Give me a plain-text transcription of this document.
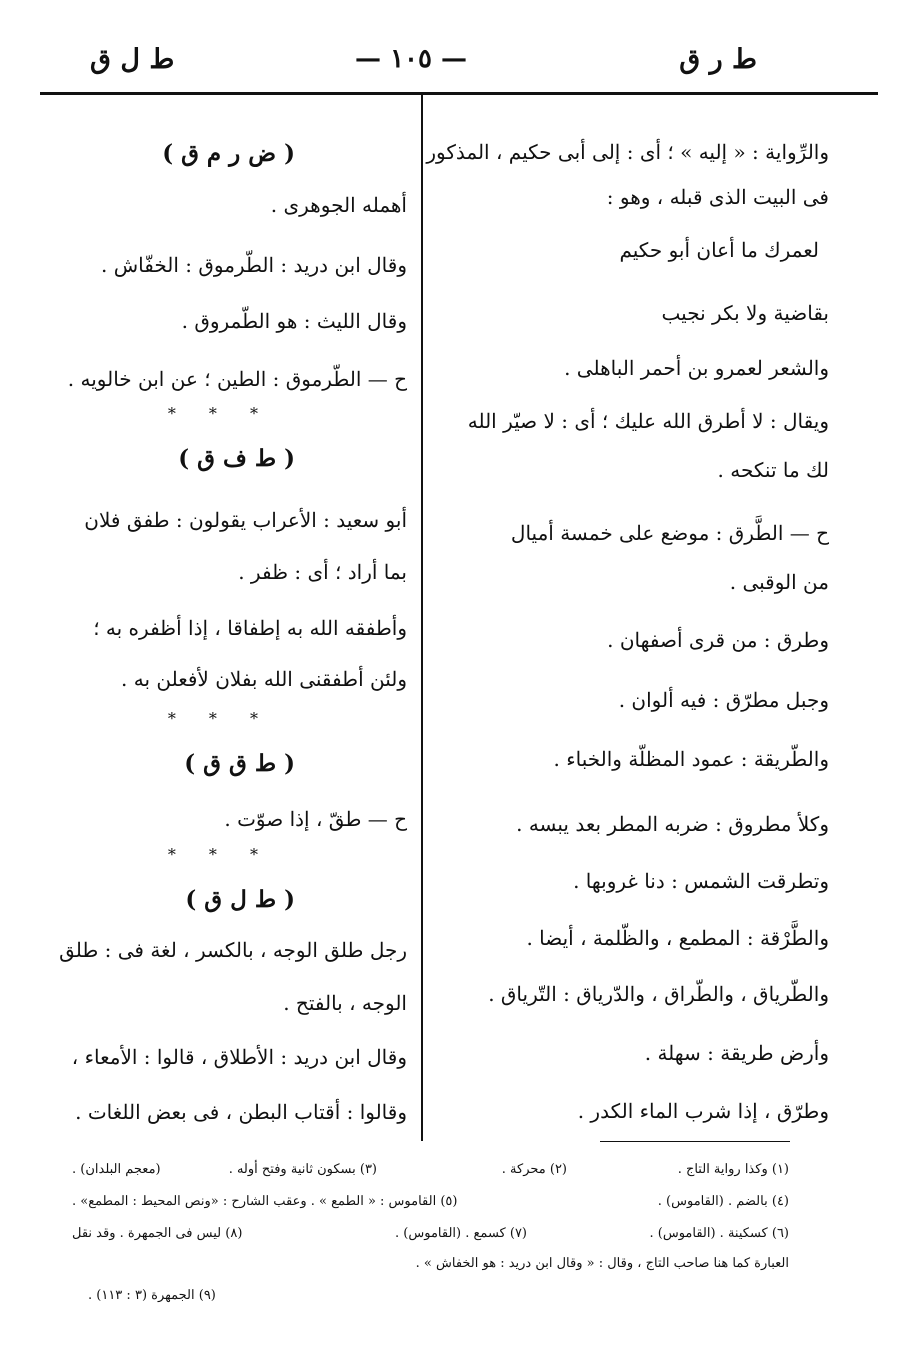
ط ر ق
— ١٠٥ —
ط ل ق
والرِّواية : « إليه » ؛ أى : إلى أبى حكيم ، المذكور
فى البيت الذى قبله ، وهو :
لعمرك ما أعان أبو حكيم
بقاضية ولا بكر نجيب
والشعر لعمرو بن أحمر الباهلى .
ويقال : لا أطرق الله عليك ؛ أى : لا صيّر الله
لك ما تنكحه .
ح — الطَّرق : موضع على خمسة أميال
من الوقبى .
وطرق : من قرى أصفهان .
وجبل مطرّق : فيه ألوان .
والطّريقة : عمود المظلّة والخباء .
وكلأ مطروق : ضربه المطر بعد يبسه .
وتطرقت الشمس : دنا غروبها .
والطَّرْقة : المطمع ، والظّلمة ، أيضا .
والطّرياق ، والطّراق ، والدّرياق : التّرياق .
وأرض طريقة : سهلة .
وطرّق ، إذا شرب الماء الكدر .
( ض ر م ق )
أهمله الجوهرى .
وقال ابن دريد : الطّرموق : الخفّاش .
وقال الليث : هو الطّمروق .
ح — الطّرموق : الطين ؛ عن ابن خالويه .
* * *
( ط ف ق )
أبو سعيد : الأعراب يقولون : طفق فلان
بما أراد ؛ أى : ظفر .
وأطفقه الله به إطفاقا ، إذا أظفره به ؛
ولئن أطفقنى الله بفلان لأفعلن به .
* * *
( ط ق ق )
ح — طقّ ، إذا صوّت .
* * *
( ط ل ق )
رجل طلق الوجه ، بالكسر ، لغة فى : طلق
الوجه ، بالفتح .
وقال ابن دريد : الأطلاق ، قالوا : الأمعاء ،
وقالوا : أقتاب البطن ، فى بعض اللغات .
(١) وكذا رواية التاج .
(٢) محركة .
(٣) بسكون ثانية وفتح أوله .
(معجم البلدان) .
(٤) بالضم . (القاموس) .
(٥) القاموس : « الطمع » . وعقب الشارح : «ونص المحيط : المطمع» .
(٦) كسكينة . (القاموس) .
(٧) كسمع . (القاموس) .
(٨) ليس فى الجمهرة . وقد نقل
العبارة كما هنا صاحب التاج ، وقال : « وقال ابن دريد : هو الخفاش » .
(٩) الجمهرة (٣ : ١١٣) .
